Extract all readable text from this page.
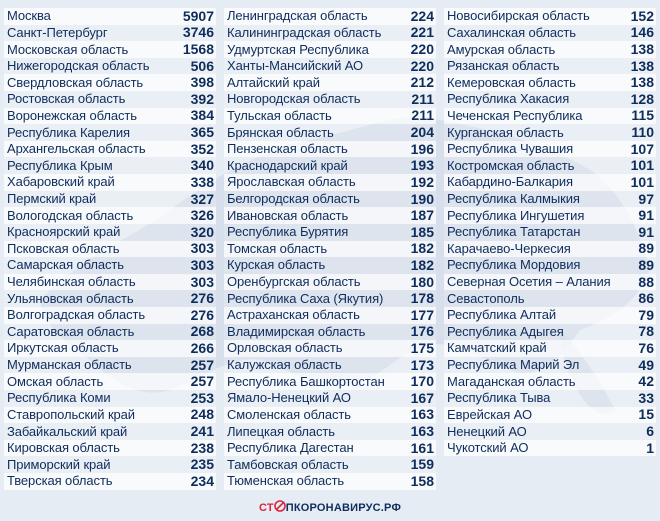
Москва	5907
Санкт-Петербург	3746
Московская область	1568
Нижегородская область	506
Свердловская область	398
Ростовская область	392
Воронежская область	384
Республика Карелия	365
Архангельская область	352
Республика Крым	340
Хабаровский край	338
Пермский край	327
Вологодская область	326
Красноярский край	320
Псковская область	303
Самарская область	303
Челябинская область	303
Ульяновская область	276
Волгоградская область	276
Саратовская область	268
Иркутская область	266
Мурманская область	257
Омская область	257
Республика Коми	253
Ставропольский край	248
Забайкальский край	241
Кировская область	238
Приморский край	235
Тверская область	234
Ленинградская область	224
Калининградская область 221
Удмуртская Республика	220
Ханты-Мансийский АО	220
Алтайский край	212
Новгородская область	211
Тульская область	211
Брянская область	204
Пензенская область	196
Краснодарский край	193
Ярославская область	192
Белгородская область	190
Ивановская область	187
Республика Бурятия	185
Томская область	182
Курская область	182
Оренбургская область	180
Республика Саха (Якутия) 178
Астраханская область	177
Владимирская область	176
Орловская область	175
Калужская область	173
Республика Башкортостан 170
Ямало-Ненецкий АО	167
Смоленская область	163
Липецкая область	163
Республика Дагестан	161
Тамбовская область	159
Тюменская область	158
Новосибирская область	152
Сахалинская область	146
Амурская область	138
Рязанская область	138
Кемеровская область	138
Республика Хакасия	128
Чеченская Республика	115
Курганская область	110
Республика Чувашия	107
Костромская область	101
Кабардино-Балкария	101
Республика Калмыкия	97
Республика Ингушетия	91
Республика Татарстан	91
Карачаево-Черкесия	89
Республика Мордовия	89
Северная Осетия – Алания 88
Севастополь	86
Республика Алтай	79
Республика Адыгея	78
Камчатский край	76
Республика Марий Эл	49
Магаданская область	42
Республика Тыва	33
Еврейская АО	15
Ненецкий АО	6
Чукотский АО	1
СТ ПКОРОНАВИРУС.РФ
